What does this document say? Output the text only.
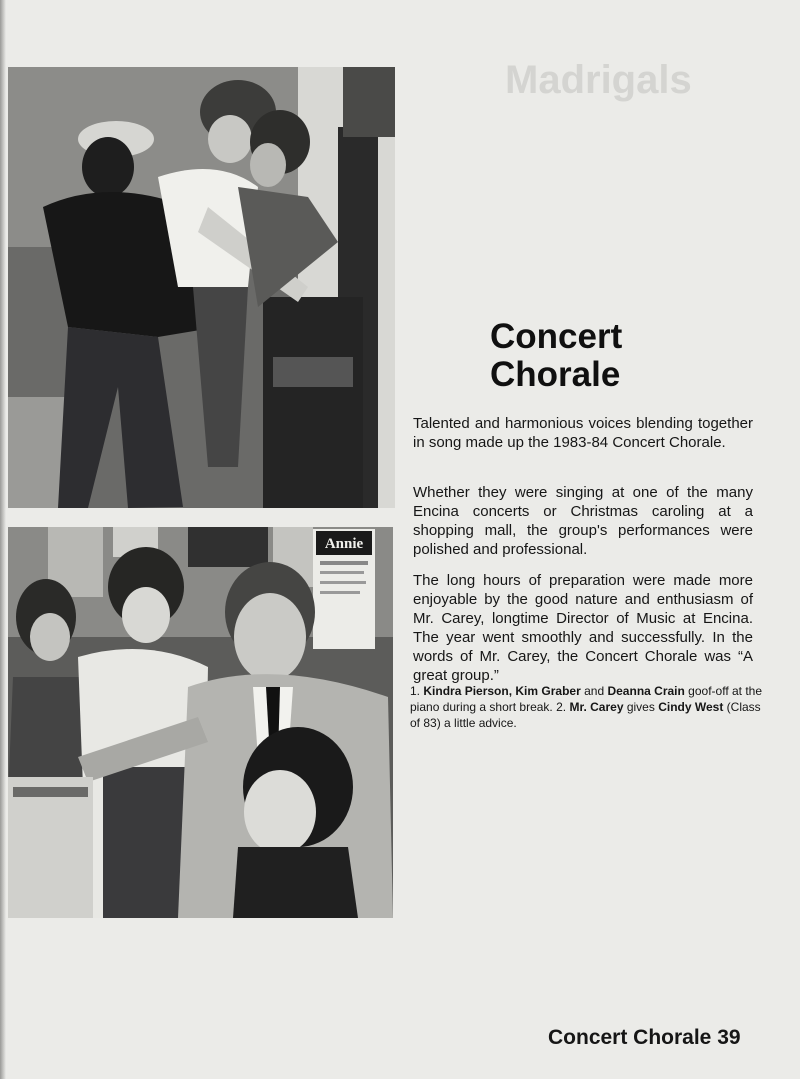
Madrigals
Annie
Concert
Chorale

Talented and harmonious voices blending together in song made up the 1983-84 Concert Chorale.

Whether they were singing at one of the many Encina concerts or Christmas caroling at a shopping mall, the group's performances were polished and professional.

The long hours of preparation were made more enjoyable by the good nature and enthusiasm of Mr. Carey, longtime Director of Music at Encina. The year went smoothly and successfully. In the words of Mr. Carey, the Concert Chorale was “A great group.”

1. Kindra Pierson, Kim Graber and Deanna Crain goof-off at the piano during a short break. 2. Mr. Carey gives Cindy West (Class of 83) a little advice.

Concert Chorale 39
